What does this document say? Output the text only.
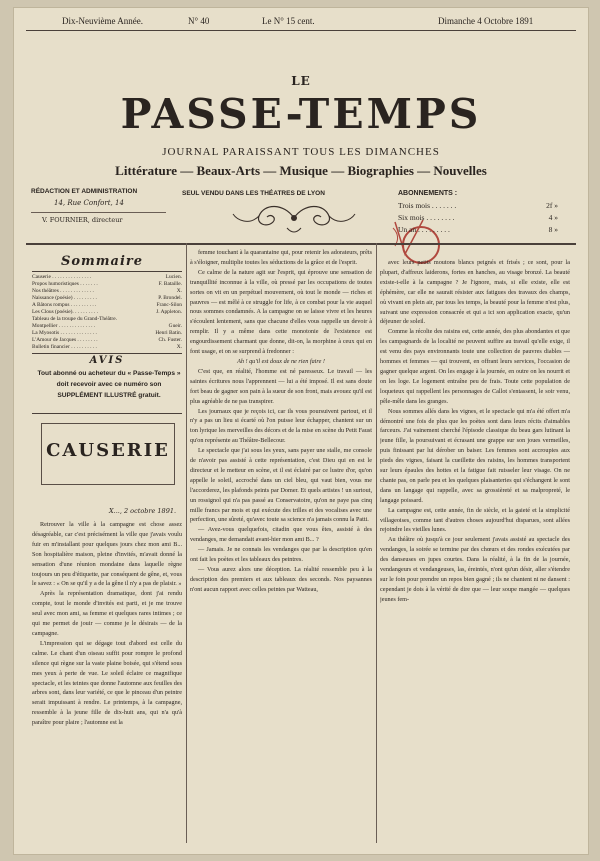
Dix-Neuvième Année.	N° 40	Le N° 15 cent.	Dimanche 4 Octobre 1891
LE
PASSE-TEMPS
JOURNAL PARAISSANT TOUS LES DIMANCHES
Littérature — Beaux-Arts — Musique — Biographies — Nouvelles
RÉDACTION ET ADMINISTRATION
14, Rue Confort, 14
V. FOURNIER, directeur
SEUL VENDU DANS LES THÉATRES DE LYON	ABONNEMENTS :
Trois mois . . . . . . .	2f »
Six mois . . . . . . . .	4 »
Un an . . . . . . . . .	8 »
Sommaire
Causerie . . . . . . . . . . . . . . .	Lucien.
Propos humoristiques . . . . . . .	F. Bataille.
Nos théâtres . . . . . . . . . . . . .	X.
Naissance (poésie) . . . . . . . . .	P. Brondel.
A Bâtons rompus . . . . . . . . . .	Franc-Silon
Les Clous (poésie). . . . . . . . . .	J. Appleton.
Tableau de la troupe du Grand-Théâtre.
Montpellier . . . . . . . . . . . . . .	Gueir.
La Myosotis . . . . . . . . . . . . . .	Henri Batin.
L'Amour de Jacques . . . . . . . .	Ch. Fuster.
Bulletin financier . . . . . . . . . .	X.
AVIS
Tout abonné ou acheteur du « Passe-Temps » doit recevoir avec ce numéro son SUPPLÉMENT ILLUSTRÉ gratuit.
CAUSERIE
X..., 2 octobre 1891.

Retrouver la ville à la campagne est chose assez désagréable, car c'est précisément la ville que j'avais voulu fuir en m'installant pour quelques jours chez mon ami B... Son hospitalière maison, pleine d'invités, m'avait donné la sensation d'une réunion mondaine dans laquelle règne toujours un peu d'étiquette, par conséquent de gêne, et, vous le savez : « On se qu'il y a de la gêne il n'y a pas de plaisir. »

Après la représentation dramatique, dont j'ai rendu compte, tout le monde d'invités est parti, et je me trouve seul avec mon ami, sa femme et quelques rares intimes ; ce qui me permet de jouir — comme je le désirais — de la campagne.

L'impression qui se dégage tout d'abord est celle du calme. Le chant d'un oiseau suffit pour rompre le profond silence qui règne sur la vaste plaine boisée, qui s'étend sous mes yeux à perte de vue. Le soleil éclaire ce magnifique spectacle, et les teintes que donne l'automne aux feuilles des arbres sont, dans leur variété, ce que le pinceau d'un peintre serait impuissant à rendre. Le printemps, à la campagne, ressemble à la jeune fille de dix-huit ans, qui n'a qu'à paraître pour plaire ; l'automne est la

femme touchant à la quarantaine qui, pour retenir les adorateurs, prêts à s'éloigner, multiplie toutes les séductions de la grâce et de l'esprit.

Ce calme de la nature agit sur l'esprit, qui éprouve une sensation de tranquillité inconnue à la ville, où pressé par les occupations de toutes sortes on vit en un perpétuel mouvement, où tout le monde — riches et pauvres — est mêlé à ce struggle for life, à ce combat pour la vie auquel nous sommes condamnés. A la campagne on se laisse vivre et les heures s'écoulent lentement, sans que chacune d'elles vous rappelle un devoir à remplir. Il y a même dans cette monotonie de l'existence est engourdissement charmant que donne, dit-on, la morphine à ceux qui en font usage, et on se surprend à fredonner :

Ah ! qu'il est doux de ne rien faire !

C'est que, en réalité, l'homme est né paresseux. Le travail — les saintes écritures nous l'apprennent — lui a été imposé. Il est sans doute fort beau de gagner son pain à la sueur de son front, mais avouez qu'il est plus agréable de ne pas transpirer.

Les journaux que je reçois ici, car ils vous poursuivent partout, et il n'y a pas un lieu si écarté où l'on puisse leur échapper, chantent sur un ton lyrique les merveilles des décors et de la mise en scène du Petit Faust qu'on représente au Théâtre-Bellecour.

Le spectacle que j'ai sous les yeux, sans payer une stalle, me console de n'avoir pas assisté à cette représentation, c'est Dieu qui en est le directeur et le metteur en scène, et il est éclairé par ce lustre d'or, qu'on appelle le soleil, accroché dans un ciel bleu, qui vaut bien, vous me l'accorderez, les plafonds peints par Domer. Et quels artistes ! un surtout, un rossignol qui n'a pas passé au Conservatoire, qu'on ne paye pas cinq mille francs par mois et qui exécute des trilles et des vocalises avec une perfection, une sûreté, qu'avec toute sa science n'a jamais connu la Patti.

— Avez-vous quelquefois, citadin que vous êtes, assisté à des vendanges, me demandait avant-hier mon ami B... ?

— Jamais. Je ne connais les vendanges que par la description qu'en ont fait les poètes et les tableaux des peintres.

— Vous aurez alors une déception. La réalité ressemble peu à la description des premiers et aux tableaux des seconds. Nos paysannes n'ont aucun rapport avec celles peintes par Watteau,

avec leurs petits moutons blancs peignés et frisés ; ce sont, pour la plupart, d'affreux laiderons, fortes en hanches, au visage bronzé. La beauté existe-t-elle à la campagne ? Je l'ignore, mais, si elle existe, elle est éphémère, car elle ne saurait résister aux fatigues des travaux des champs, où vivant en plein air, par tous les temps, la beauté pour la femme n'est plus, suivant une expression consacrée et qui a ici son application exacte, qu'un déjeuner de soleil.

Comme la récolte des raisins est, cette année, des plus abondantes et que les campagnards de la localité ne peuvent suffire au travail qu'elle exige, il est venu des pays environnants toute une collection de pauvres diables — hommes et femmes — qui trouvent, en offrant leurs services, l'occasion de gagner quelque argent. On les engage à la journée, en outre on les nourrit et on les loge. Le logement entraîne peu de frais. Toute cette population de loqueteux qui rappellent les personnages de Callot s'entassent, le soir venu, pêle-mêle dans les granges.

Nous sommes allés dans les vignes, et le spectacle qui m'a été offert m'a démontré une fois de plus que les poètes sont dans leurs récits d'aimables farceurs. J'ai vainement cherché l'épisode classique du beau gars lutinant la jeune fille, la poursuivant et écrasant une grappe sur son joues vermeilles, puis finissant par lui dérober un baiser. Les femmes sont accroupies aux pieds des vignes, faisant la cueillette des raisins, les hommes transportent sur leurs épaules des hottes et la fatigue fait ruisseler leur visage. On ne chante pas, on parle peu et les quelques plaisanteries qui s'échangent le sont dans un langage qui rappelle, avec sa grossièreté et sa malpropreté, le langage poissard.

La campagne est, cette année, fin de siècle, et la gaieté et la simplicité villageoises, comme tant d'autres choses aujourd'hui disparues, sont allées rejoindre les vieilles lunes.

Au théâtre où jusqu'à ce jour seulement j'avais assisté au spectacle des vendanges, la soirée se termine par des chœurs et des rondes exécutées par des danseuses en jupes courtes. Dans la réalité, à la fin de la journée, vendangeurs et vendangeuses, las, éreintés, n'ont qu'un désir, aller s'étendre sur le foin pour prendre un repos bien gagné ; ils ne chantent ni ne dansent : cependant je dois à la vérité de dire que — leur soupe mangée — quelques jeunes fem-
